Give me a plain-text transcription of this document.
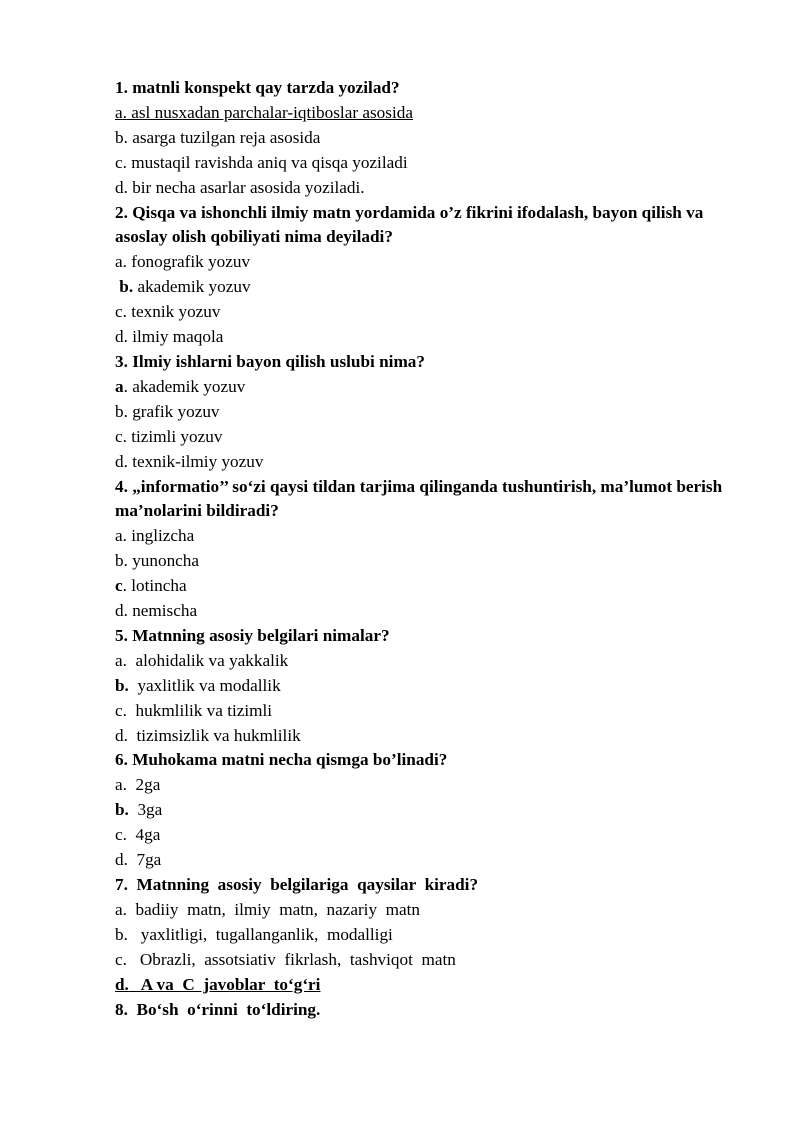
1. matnli konspekt qay tarzda yozilad?
a. asl nusxadan parchalar-iqtiboslar asosida
b. asarga tuzilgan reja asosida
c. mustaqil ravishda aniq va qisqa yoziladi
d. bir necha asarlar asosida yoziladi.
2. Qisqa va ishonchli ilmiy matn yordamida o’z fikrini ifodalash, bayon qilish va asoslay olish qobiliyati nima deyiladi?
a. fonografik yozuv
b. akademik yozuv
c. texnik yozuv
d. ilmiy maqola
3. Ilmiy ishlarni bayon qilish uslubi nima?
a. akademik yozuv
b. grafik yozuv
c. tizimli yozuv
d. texnik-ilmiy yozuv
4. „informatio’’ so‘zi qaysi tildan tarjima qilinganda tushuntirish, ma’lumot berish ma’nolarini bildiradi?
a. inglizcha
b. yunoncha
c. lotincha
d. nemischa
5. Matnning asosiy belgilari nimalar?
a.  alohidalik va yakkalik
b.  yaxlitlik va modallik
c.  hukmlilik va tizimli
d.  tizimsizlik va hukmlilik
6. Muhokama matni necha qismga bo’linadi?
a.  2ga
b.  3ga
c.  4ga
d.  7ga
7.  Matnning  asosiy  belgilariga  qaysilar  kiradi?
a.  badiiy  matn,  ilmiy  matn,  nazariy  matn
b.   yaxlitligi,  tugallanganlik,  modalligi
c.   Obrazli,  assotsiativ  fikrlash,  tashviqot  matn
d.   A va  C  javoblar  to‘g‘ri
8.  Bo‘sh  o‘rinni  to‘ldiring.
